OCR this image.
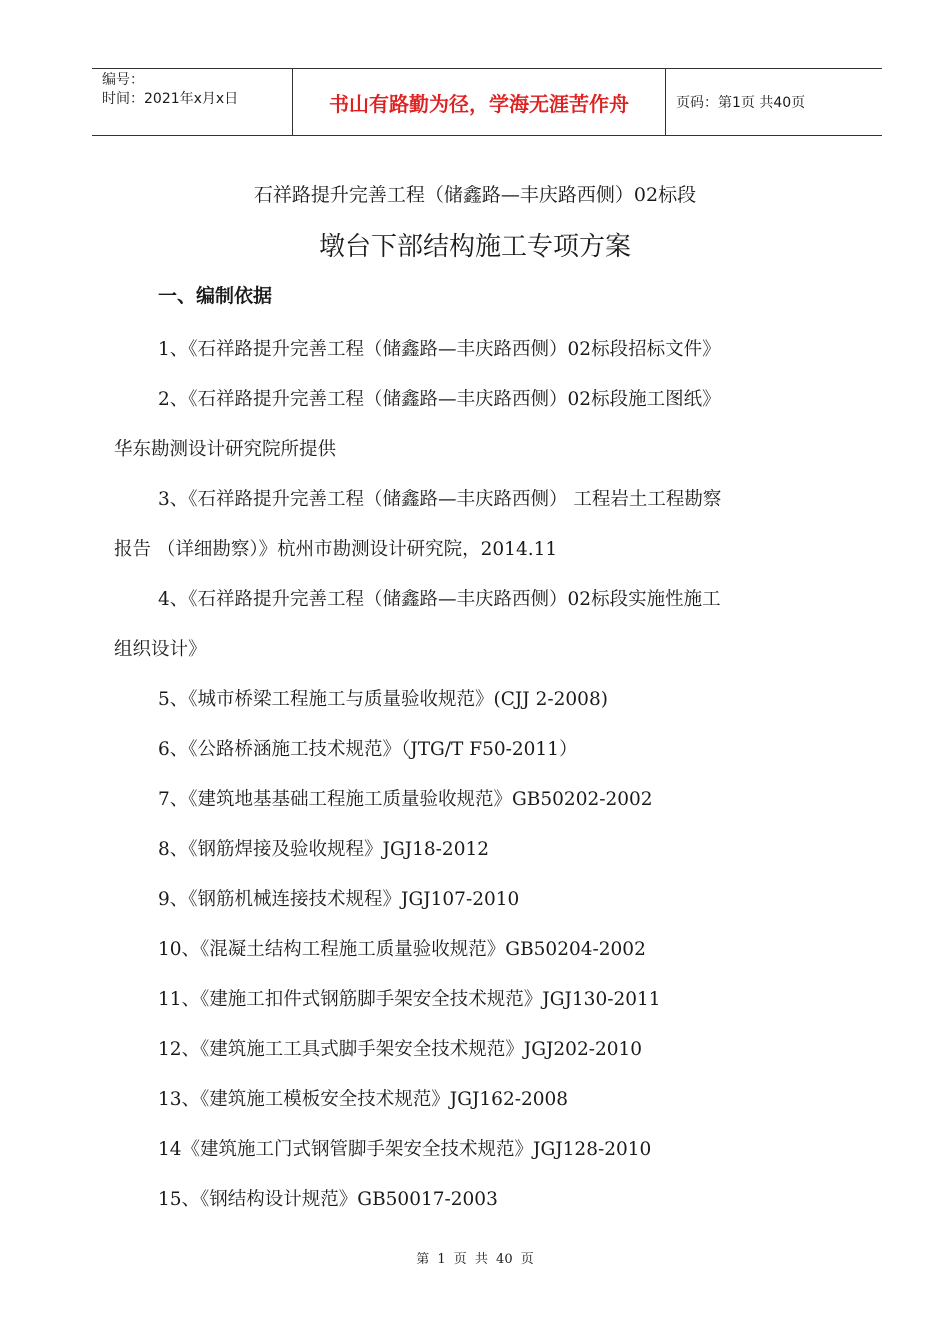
编号：
时间：2021年x月x日	书山有路勤为径，学海无涯苦作舟	页码：第1页 共40页
石祥路提升完善工程（储鑫路—丰庆路西侧）02标段
墩台下部结构施工专项方案
一、编制依据

1、《石祥路提升完善工程（储鑫路—丰庆路西侧）02标段招标文件》

2、《石祥路提升完善工程（储鑫路—丰庆路西侧）02标段施工图纸》

华东勘测设计研究院所提供

3、《石祥路提升完善工程（储鑫路—丰庆路西侧） 工程岩土工程勘察

报告 （详细勘察）》杭州市勘测设计研究院，2014.11

4、《石祥路提升完善工程（储鑫路—丰庆路西侧）02标段实施性施工

组织设计》

5、《城市桥梁工程施工与质量验收规范》(CJJ 2-2008)

6、《公路桥涵施工技术规范》（JTG/T F50-2011）

7、《建筑地基基础工程施工质量验收规范》GB50202-2002

8、《钢筋焊接及验收规程》JGJ18-2012

9、《钢筋机械连接技术规程》JGJ107-2010

10、《混凝土结构工程施工质量验收规范》GB50204-2002

11、《建施工扣件式钢筋脚手架安全技术规范》JGJ130-2011

12、《建筑施工工具式脚手架安全技术规范》JGJ202-2010

13、《建筑施工模板安全技术规范》JGJ162-2008

14《建筑施工门式钢管脚手架安全技术规范》JGJ128-2010

15、《钢结构设计规范》GB50017-2003

第 1 页 共 40 页
